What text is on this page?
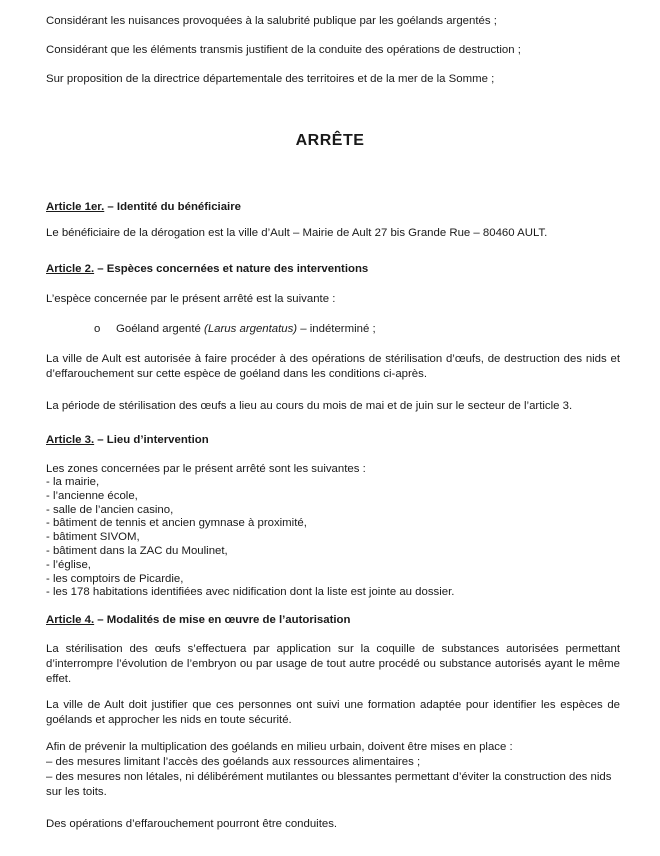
Considérant les nuisances provoquées à la salubrité publique par les goélands argentés ;

Considérant que les éléments transmis justifient de la conduite des opérations de destruction ;

Sur proposition de la directrice départementale des territoires et de la mer de la Somme ;

ARRÊTE

Article 1er. – Identité du bénéficiaire

Le bénéficiaire de la dérogation est la ville d’Ault – Mairie de Ault 27 bis Grande Rue – 80460 AULT.

Article 2. – Espèces concernées et nature des interventions

L’espèce concernée par le présent arrêté est la suivante :

o Goéland argenté (Larus argentatus) – indéterminé ;

La ville de Ault est autorisée à faire procéder à des opérations de stérilisation d’œufs, de destruction des nids et d’effarouchement sur cette espèce de goéland dans les conditions ci-après.

La période de stérilisation des œufs a lieu au cours du mois de mai et de juin sur le secteur de l’article 3.

Article 3. – Lieu d’intervention

Les zones concernées par le présent arrêté sont les suivantes :

- la mairie,
- l’ancienne école,
- salle de l’ancien casino,
- bâtiment de tennis et ancien gymnase à proximité,
- bâtiment SIVOM,
- bâtiment dans la ZAC du Moulinet,
- l’église,
- les comptoirs de Picardie,
- les 178 habitations identifiées avec nidification dont la liste est jointe au dossier.

Article 4. – Modalités de mise en œuvre de l’autorisation

La stérilisation des œufs s’effectuera par application sur la coquille de substances autorisées permettant d’interrompre l’évolution de l’embryon ou par usage de tout autre procédé ou substance autorisés ayant le même effet.

La ville de Ault doit justifier que ces personnes ont suivi une formation adaptée pour identifier les espèces de goélands et approcher les nids en toute sécurité.

Afin de prévenir la multiplication des goélands en milieu urbain, doivent être mises en place :

– des mesures limitant l’accès des goélands aux ressources alimentaires ;

– des mesures non létales, ni délibérément mutilantes ou blessantes permettant d’éviter la construction des nids sur les toits.

Des opérations d’effarouchement pourront être conduites.
